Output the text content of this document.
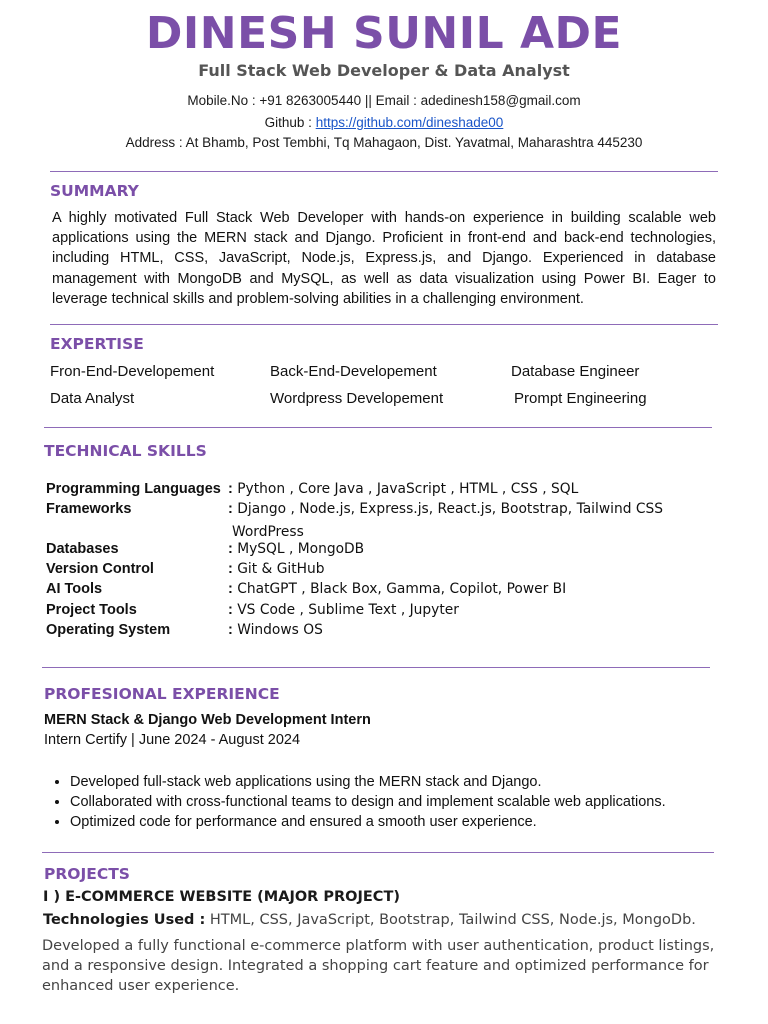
DINESH SUNIL ADE
Full Stack Web Developer & Data Analyst
Mobile.No : +91 8263005440 || Email : adedinesh158@gmail.com
Github : https://github.com/dineshade00
Address : At Bhamb, Post Tembhi, Tq Mahagaon, Dist. Yavatmal, Maharashtra 445230
SUMMARY
A highly motivated Full Stack Web Developer with hands-on experience in building scalable web applications using the MERN stack and Django. Proficient in front-end and back-end technologies, including HTML, CSS, JavaScript, Node.js, Express.js, and Django. Experienced in database management with MongoDB and MySQL, as well as data visualization using Power BI. Eager to leverage technical skills and problem-solving abilities in a challenging environment.
EXPERTISE
Fron-End-Developement	Back-End-Developement	Database Engineer
Data Analyst	Wordpress Developement	Prompt Engineering
TECHNICAL SKILLS
Programming Languages : Python , Core Java , JavaScript , HTML , CSS , SQL
Frameworks	: Django , Node.js, Express.js, React.js, Bootstrap, Tailwind CSS
WordPress
Databases	: MySQL , MongoDB
Version Control	: Git & GitHub
AI Tools	: ChatGPT , Black Box, Gamma, Copilot, Power BI
Project Tools	: VS Code , Sublime Text , Jupyter
Operating System	: Windows OS
PROFESIONAL EXPERIENCE
MERN Stack & Django Web Development Intern
Intern Certify | June 2024 - August 2024
• Developed full-stack web applications using the MERN stack and Django.
• Collaborated with cross-functional teams to design and implement scalable web applications.
• Optimized code for performance and ensured a smooth user experience.
PROJECTS
I ) E-COMMERCE WEBSITE (MAJOR PROJECT)
Technologies Used : HTML, CSS, JavaScript, Bootstrap, Tailwind CSS, Node.js, MongoDb.
Developed a fully functional e-commerce platform with user authentication, product listings, and a responsive design. Integrated a shopping cart feature and optimized performance for enhanced user experience.
